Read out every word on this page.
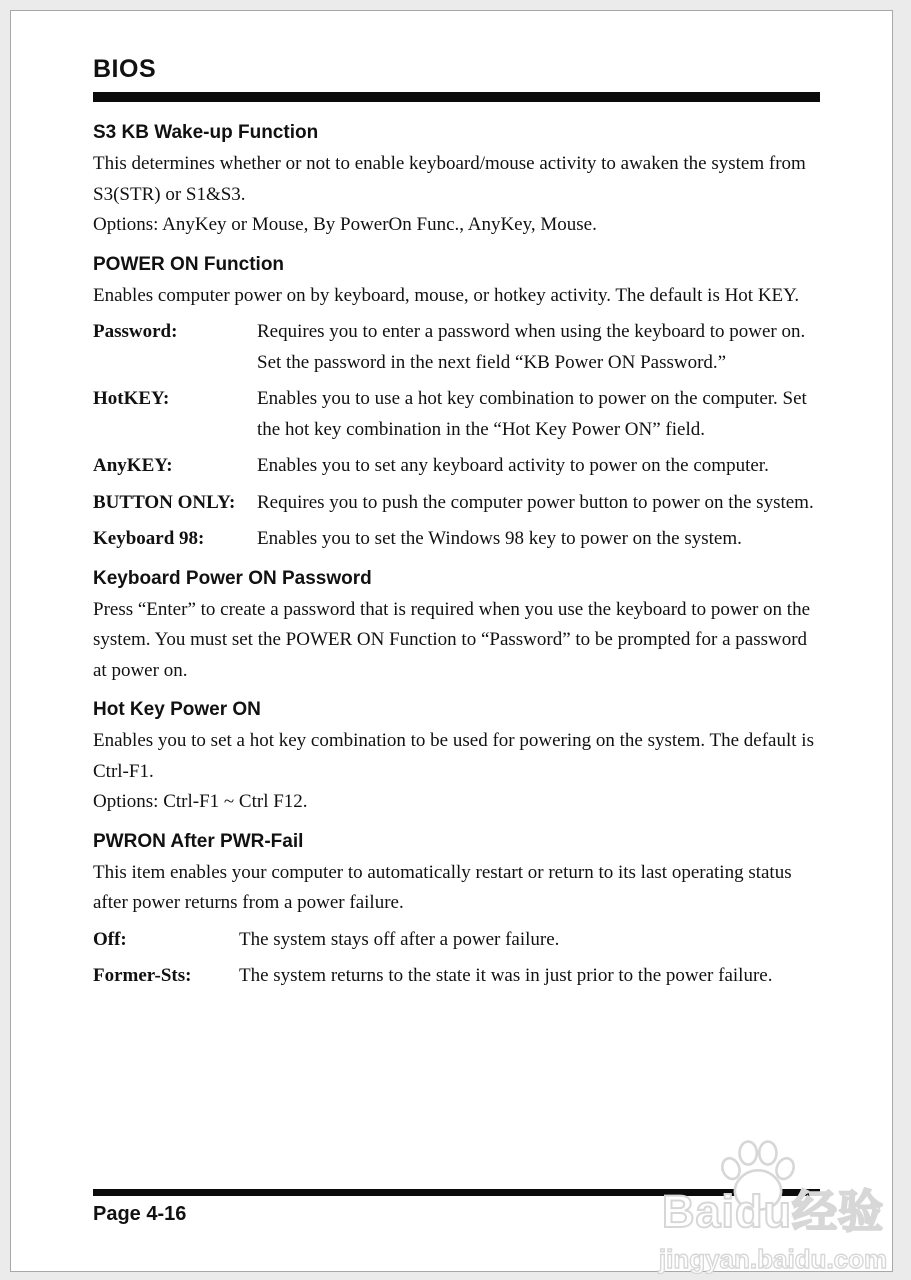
BIOS
S3 KB Wake-up Function

This determines whether or not to enable keyboard/mouse activity to awaken the system from S3(STR) or S1&S3.

Options: AnyKey or Mouse, By PowerOn Func., AnyKey, Mouse.

POWER ON Function

Enables computer power on by keyboard, mouse, or hotkey activity. The default is Hot KEY.

Password:	Requires you to enter a password when using the keyboard to power on. Set the password in the next field “KB Power ON Password.”
HotKEY:	Enables you to use a hot key combination to power on the computer. Set the hot key combination in the “Hot Key Power ON” field.
AnyKEY:	Enables you to set any keyboard activity to power on the computer.
BUTTON ONLY:	Requires you to push the computer power button to power on the system.
Keyboard 98:	Enables you to set the Windows 98 key to power on the system.
Keyboard Power ON Password

Press “Enter” to create a password that is required when you use the keyboard to power on the system. You must set the POWER ON Function to “Password” to be prompted for a password at power on.

Hot Key Power ON

Enables you to set a hot key combination to be used for powering on the system. The default is Ctrl-F1.

Options: Ctrl-F1 ~ Ctrl F12.

PWRON After PWR-Fail

This item enables your computer to automatically restart or return to its last operating status after power returns from a power failure.

Off:	The system stays off after a power failure.
Former-Sts:	The system returns to the state it was in just prior to the power failure.
Page 4-16	Baidu经验
jingyan.baidu.com
